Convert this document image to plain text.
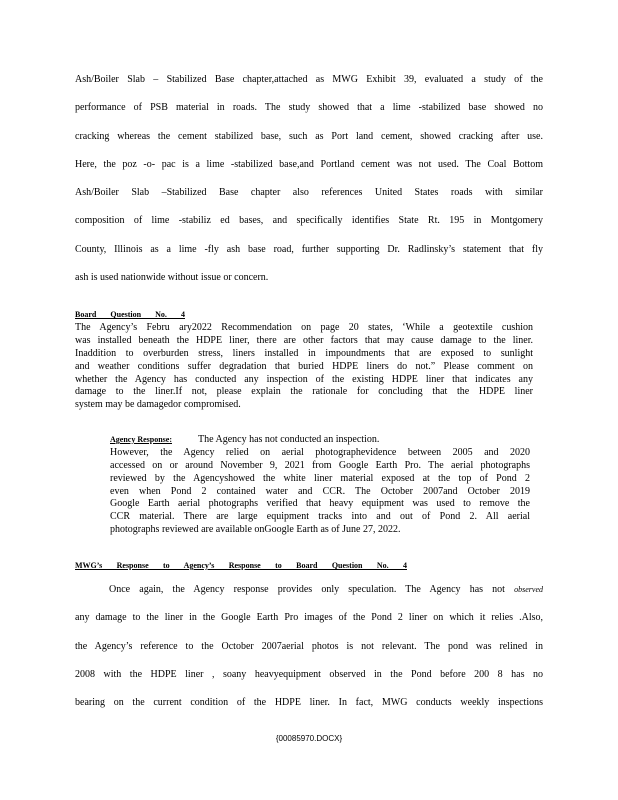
Ash/Boiler Slab – Stabilized Base chapter,attached as MWG Exhibit 39, evaluated a study of the
performance of PSB material in roads. The study showed that a lime -stabilized base showed no
cracking whereas the cement stabilized base, such as Port land cement, showed cracking after use.
Here, the poz -o- pac is a lime -stabilized base,and Portland cement was not used. The Coal Bottom
Ash/Boiler Slab –Stabilized Base chapter also references United States roads with similar
composition of lime -stabiliz ed bases, and specifically identifies State Rt. 195 in Montgomery
County, Illinois as a lime -fly ash base road, further supporting Dr. Radlinsky’s statement that fly
ash is used nationwide without issue or concern.
Board Question No. 4
The Agency’s Febru ary2022 Recommendation on page 20 states, ‘While a geotextile cushion
was installed beneath the HDPE liner, there are other factors that may cause damage to the liner.
Inaddition to overburden stress, liners installed in impoundments that are exposed to sunlight
and weather conditions suffer degradation that buried HDPE liners do not.” Please comment on
whether the Agency has conducted any inspection of the existing HDPE liner that indicates any
damage to the liner.If not, please explain the rationale for concluding that the HDPE liner
system may be damagedor compromised.
Agency Response:	The Agency has not conducted an inspection.
However, the Agency relied on aerial photographevidence between 2005 and 2020
accessed on or around November 9, 2021 from Google Earth Pro. The aerial photographs
reviewed by the Agencyshowed the white liner material exposed at the top of Pond 2
even when Pond 2 contained water and CCR. The October 2007and October 2019
Google Earth aerial photographs verified that heavy equipment was used to remove the
CCR material. There are large equipment tracks into and out of Pond 2. All aerial
photographs reviewed are available onGoogle Earth as of June 27, 2022.
MWG’s Response to Agency’s Response to Board Question No. 4
Once again, the Agency response provides only speculation. The Agency has not observed
any damage to the liner in the Google Earth Pro images of the Pond 2 liner on which it relies .Also,
the Agency’s reference to the October 2007aerial photos is not relevant. The pond was relined in
2008 with the HDPE liner , soany heavyequipment observed in the Pond before 200 8 has no
bearing on the current condition of the HDPE liner. In fact, MWG conducts weekly inspections
{00085970.DOCX}
